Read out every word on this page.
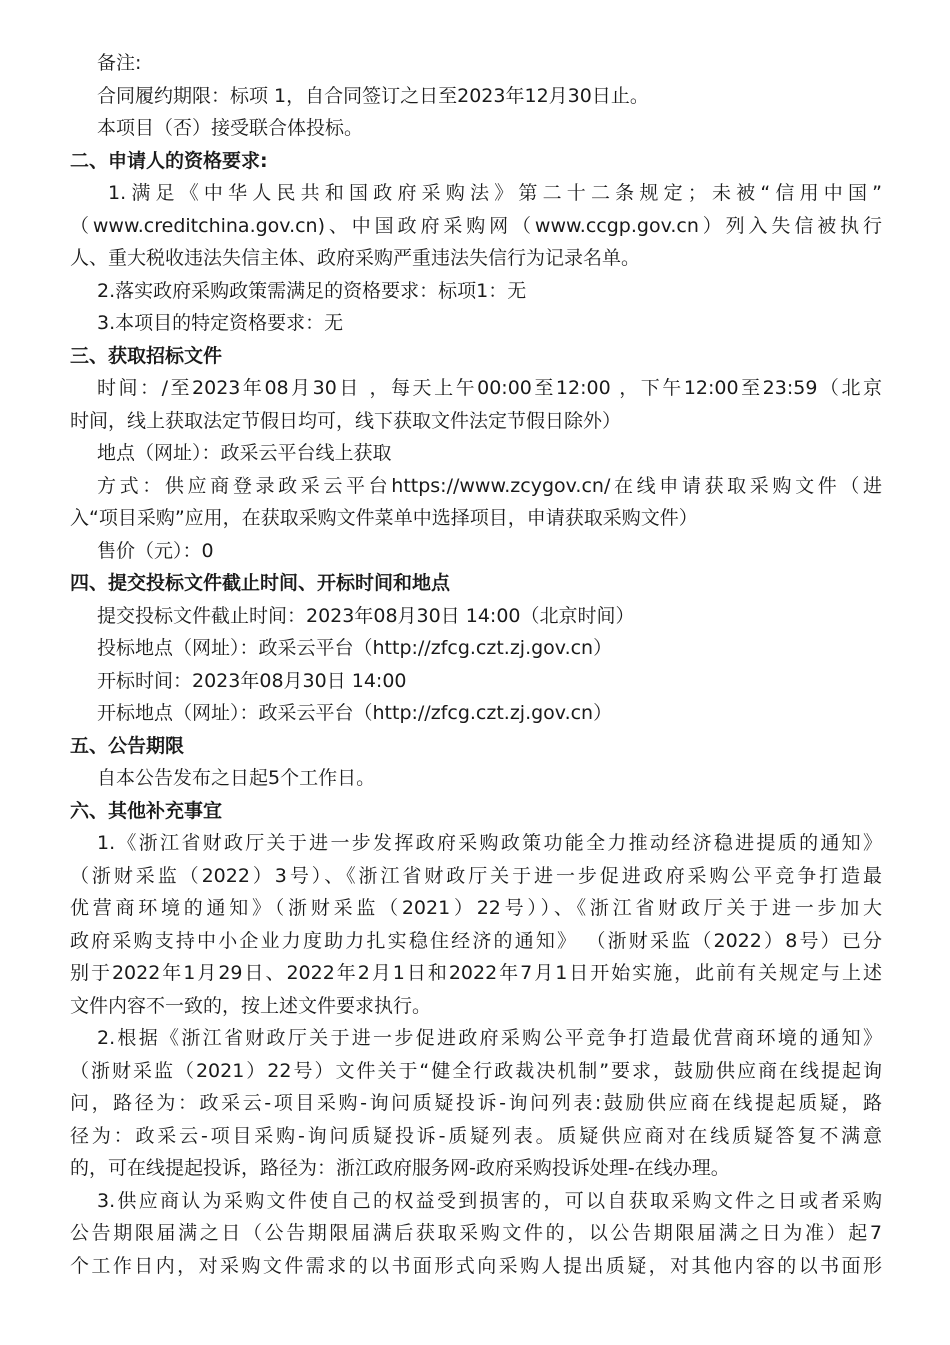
备注:

合同履约期限：标项 1，自合同签订之日至2023年12月30日止。

本项目（否）接受联合体投标。

二、申请人的资格要求:

1.满足《中华人民共和国政府采购法》第二十二条规定；未被“信用中国”
（www.creditchina.gov.cn)、中国政府采购网（www.ccgp.gov.cn）列入失信被执行
人、重大税收违法失信主体、政府采购严重违法失信行为记录名单。

2.落实政府采购政策需满足的资格要求：标项1：无

3.本项目的特定资格要求：无

三、获取招标文件

时间：/至2023年08月30日 ，每天上午00:00至12:00 ，下午12:00至23:59（北京
时间，线上获取法定节假日均可，线下获取文件法定节假日除外）

地点（网址）：政采云平台线上获取

方式：供应商登录政采云平台https://www.zcygov.cn/在线申请获取采购文件（进
入“项目采购”应用，在获取采购文件菜单中选择项目，申请获取采购文件）

售价（元）：0

四、提交投标文件截止时间、开标时间和地点

提交投标文件截止时间：2023年08月30日 14:00（北京时间）

投标地点（网址）：政采云平台（http://zfcg.czt.zj.gov.cn）

开标时间：2023年08月30日 14:00

开标地点（网址）：政采云平台（http://zfcg.czt.zj.gov.cn）

五、公告期限

自本公告发布之日起5个工作日。

六、其他补充事宜

1.《浙江省财政厅关于进一步发挥政府采购政策功能全力推动经济稳进提质的通知》
（浙财采监（2022）3号）、《浙江省财政厅关于进一步促进政府采购公平竞争打造最
优营商环境的通知》（浙财采监（2021）22号））、《浙江省财政厅关于进一步加大
政府采购支持中小企业力度助力扎实稳住经济的通知》 （浙财采监（2022）8号）已分
别于2022年1月29日、2022年2月1日和2022年7月1日开始实施，此前有关规定与上述
文件内容不一致的，按上述文件要求执行。
2.根据《浙江省财政厅关于进一步促进政府采购公平竞争打造最优营商环境的通知》
（浙财采监（2021）22号）文件关于“健全行政裁决机制”要求，鼓励供应商在线提起询
问，路径为：政采云-项目采购-询问质疑投诉-询问列表:鼓励供应商在线提起质疑，路
径为：政采云-项目采购-询问质疑投诉-质疑列表。质疑供应商对在线质疑答复不满意
的，可在线提起投诉，路径为：浙江政府服务网-政府采购投诉处理-在线办理。
3.供应商认为采购文件使自己的权益受到损害的，可以自获取采购文件之日或者采购
公告期限届满之日（公告期限届满后获取采购文件的，以公告期限届满之日为准）起7
个工作日内，对采购文件需求的以书面形式向采购人提出质疑，对其他内容的以书面形
